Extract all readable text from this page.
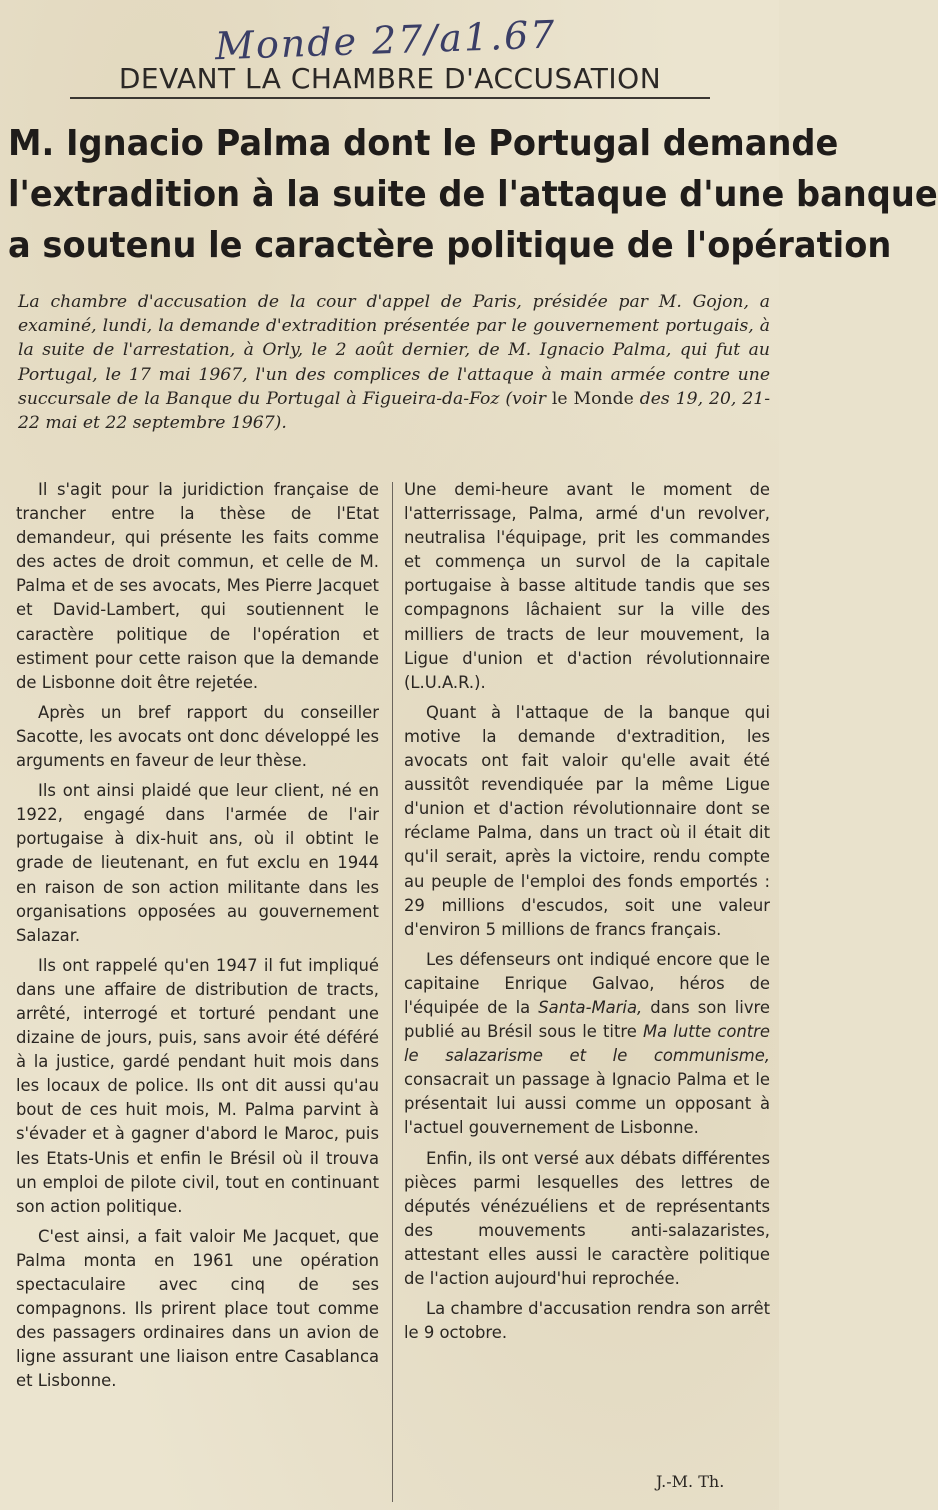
Monde 27/a1.67
DEVANT LA CHAMBRE D'ACCUSATION
M. Ignacio Palma dont le Portugal demande
l'extradition à la suite de l'attaque d'une banque
a soutenu le caractère politique de l'opération
La chambre d'accusation de la cour d'appel de Paris, présidée par M. Gojon, a examiné, lundi, la demande d'extradition présentée par le gouvernement portugais, à la suite de l'arrestation, à Orly, le 2 août dernier, de M. Ignacio Palma, qui fut au Portugal, le 17 mai 1967, l'un des complices de l'attaque à main armée contre une succursale de la Banque du Portugal à Figueira-da-Foz (voir le Monde des 19, 20, 21-22 mai et 22 septembre 1967).

Il s'agit pour la juridiction française de trancher entre la thèse de l'Etat demandeur, qui présente les faits comme des actes de droit commun, et celle de M. Palma et de ses avocats, Mes Pierre Jacquet et David-Lambert, qui soutiennent le caractère politique de l'opération et estiment pour cette raison que la demande de Lisbonne doit être rejetée.

Après un bref rapport du conseiller Sacotte, les avocats ont donc développé les arguments en faveur de leur thèse.

Ils ont ainsi plaidé que leur client, né en 1922, engagé dans l'armée de l'air portugaise à dix-huit ans, où il obtint le grade de lieutenant, en fut exclu en 1944 en raison de son action militante dans les organisations opposées au gouvernement Salazar.

Ils ont rappelé qu'en 1947 il fut impliqué dans une affaire de distribution de tracts, arrêté, interrogé et torturé pendant une dizaine de jours, puis, sans avoir été déféré à la justice, gardé pendant huit mois dans les locaux de police. Ils ont dit aussi qu'au bout de ces huit mois, M. Palma parvint à s'évader et à gagner d'abord le Maroc, puis les Etats-Unis et enfin le Brésil où il trouva un emploi de pilote civil, tout en continuant son action politique.

C'est ainsi, a fait valoir Me Jacquet, que Palma monta en 1961 une opération spectaculaire avec cinq de ses compagnons. Ils prirent place tout comme des passagers ordinaires dans un avion de ligne assurant une liaison entre Casablanca et Lisbonne.

Une demi-heure avant le moment de l'atterrissage, Palma, armé d'un revolver, neutralisa l'équipage, prit les commandes et commença un survol de la capitale portugaise à basse altitude tandis que ses compagnons lâchaient sur la ville des milliers de tracts de leur mouvement, la Ligue d'union et d'action révolutionnaire (L.U.A.R.).

Quant à l'attaque de la banque qui motive la demande d'extradition, les avocats ont fait valoir qu'elle avait été aussitôt revendiquée par la même Ligue d'union et d'action révolutionnaire dont se réclame Palma, dans un tract où il était dit qu'il serait, après la victoire, rendu compte au peuple de l'emploi des fonds emportés : 29 millions d'escudos, soit une valeur d'environ 5 millions de francs français.

Les défenseurs ont indiqué encore que le capitaine Enrique Galvao, héros de l'équipée de la Santa-Maria, dans son livre publié au Brésil sous le titre Ma lutte contre le salazarisme et le communisme, consacrait un passage à Ignacio Palma et le présentait lui aussi comme un opposant à l'actuel gouvernement de Lisbonne.

Enfin, ils ont versé aux débats différentes pièces parmi lesquelles des lettres de députés vénézuéliens et de représentants des mouvements anti-salazaristes, attestant elles aussi le caractère politique de l'action aujourd'hui reprochée.

La chambre d'accusation rendra son arrêt le 9 octobre.

J.-M. Th.
